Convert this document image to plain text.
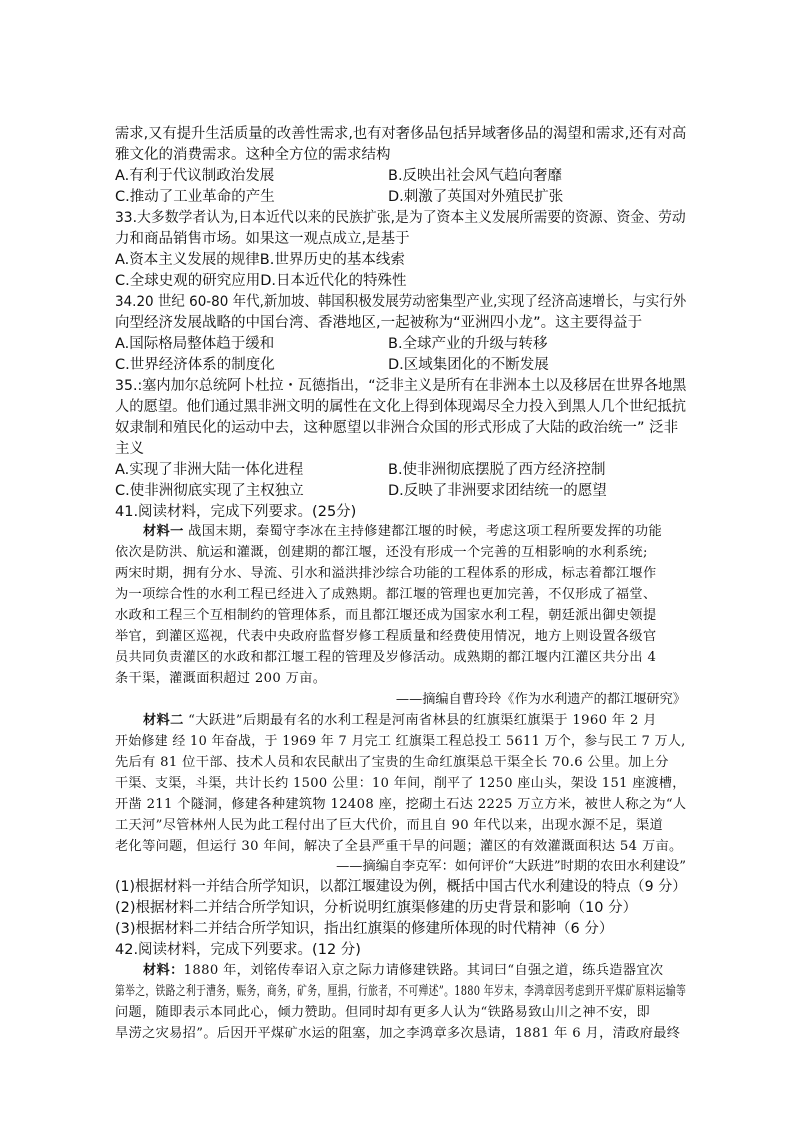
需求,又有提升生活质量的改善性需求,也有对奢侈品包括异域奢侈品的渴望和需求,还有对高
雅文化的消费需求。这种全方位的需求结构
A.有利于代议制政治发展	B.反映出社会风气趋向奢靡
C.推动了工业革命的产生	D.刺激了英国对外殖民扩张
33.大多数学者认为,日本近代以来的民族扩张,是为了资本主义发展所需要的资源、资金、劳动
力和商品销售市场。如果这一观点成立,是基于
A.资本主义发展的规律B.世界历史的基本线索
C.全球史观的研究应用D.日本近代化的特殊性
34.20 世纪 60-80 年代,新加坡、韩国积极发展劳动密集型产业,实现了经济高速增长，与实行外
向型经济发展战略的中国台湾、香港地区,一起被称为“亚洲四小龙”。这主要得益于
A.国际格局整体趋于缓和	B.全球产业的升级与转移
C.世界经济体系的制度化	D.区域集团化的不断发展
35.:塞内加尔总统阿卜杜拉・瓦德指出，“泛非主义是所有在非洲本土以及移居在世界各地黑
人的愿望。他们通过黑非洲文明的属性在文化上得到体现竭尽全力投入到黑人几个世纪抵抗
奴隶制和殖民化的运动中去，这种愿望以非洲合众国的形式形成了大陆的政治统一” 泛非
主义
A.实现了非洲大陆一体化进程	B.使非洲彻底摆脱了西方经济控制
C.使非洲彻底实现了主权独立	D.反映了非洲要求团结统一的愿望
41.阅读材料，完成下列要求。(25分)
材料一 战国末期，秦蜀守李冰在主持修建都江堰的时候，考虑这项工程所要发挥的功能
依次是防洪、航运和灌溉，创建期的都江堰，还没有形成一个完善的互相影响的水利系统;
两宋时期，拥有分水、导流、引水和溢洪排沙综合功能的工程体系的形成，标志着都江堰作
为一项综合性的水利工程已经进入了成熟期。都江堰的管理也更加完善，不仅形成了福堂、
水政和工程三个互相制约的管理体系，而且都江堰还成为国家水利工程，朝廷派出御史领提
举官，到灌区巡视，代表中央政府监督岁修工程质量和经费使用情况，地方上则设置各级官
员共同负责灌区的水政和都江堰工程的管理及岁修活动。成熟期的都江堰内江灌区共分出 4
条干渠，灌溉面积超过 200 万亩。
——摘编自曹玲玲《作为水利遗产的都江堰研究》
材料二 “大跃进”后期最有名的水利工程是河南省林县的红旗渠红旗渠于 1960 年 2 月
开始修建 经 10 年奋战，于 1969 年 7 月完工 红旗渠工程总投工 5611 万个，参与民工 7 万人,
先后有 81 位干部、技术人员和农民献出了宝贵的生命红旗渠总干渠全长 70.6 公里。加上分
干渠、支渠，斗渠，共计长约 1500 公里：10 年间，削平了 1250 座山头，架设 151 座渡槽，
开凿 211 个隧洞，修建各种建筑物 12408 座，挖砌土石达 2225 万立方米，被世人称之为“人
工天河”尽管林州人民为此工程付出了巨大代价，而且自 90 年代以来，出现水源不足，渠道
老化等问题，但运行 30 年间，解决了全县严重干旱的问题；灌区的有效灌溉面积达 54 万亩。
——摘编自李克军：如何评价“大跃进”时期的农田水利建设”
(1)根据材料一并结合所学知识，以都江堰建设为例，概括中国古代水利建设的特点（9 分）
(2)根据材料二并结合所学知识，分析说明红旗渠修建的历史背景和影响（10 分）
(3)根据材料二并结合所学知识，指出红旗渠的修建所体现的时代精神（6 分）
42.阅读材料，完成下列要求。(12 分)
材料：1880 年，刘铭传奉诏入京之际力请修建铁路。其词曰“自强之道，练兵造器宜次
第举之，铁路之利于漕务，赈务，商务，矿务，厘捐，行旅者，不可殚述”。1880 年岁末，李鸿章因考虑到开平煤矿原料运输等
问题，随即表示本同此心，倾力赞助。但同时却有更多人认为“铁路易致山川之神不安，即
旱涝之灾易招”。后因开平煤矿水运的阻塞，加之李鸿章多次恳请，1881 年 6 月，清政府最终
